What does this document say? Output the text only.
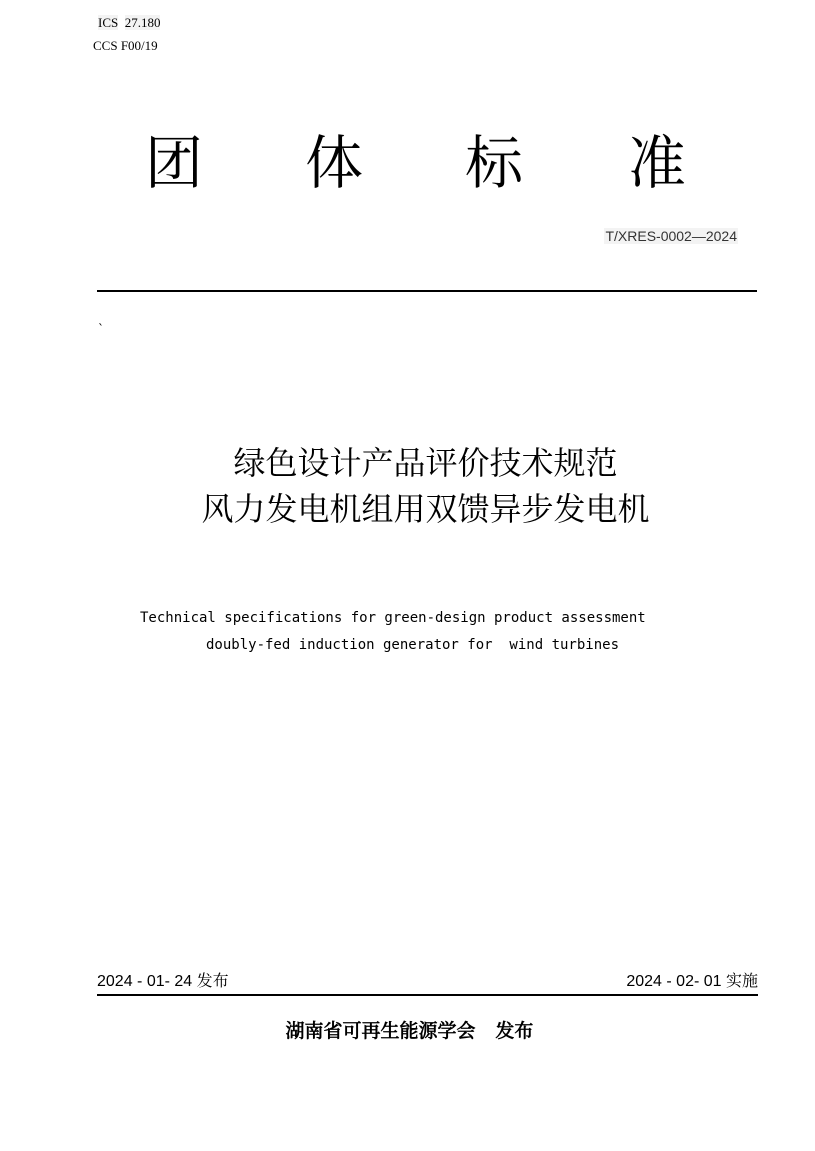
ICS 27.180
CCS F00/19
团 体 标 准
T/XRES-0002—2024
`
绿色设计产品评价技术规范
风力发电机组用双馈异步发电机

Technical specifications for green-design product assessment

doubly-fed induction generator for  wind turbines

2024 - 01- 24 发布	2024 - 02- 01 实施
湖南省可再生能源学会 发布
